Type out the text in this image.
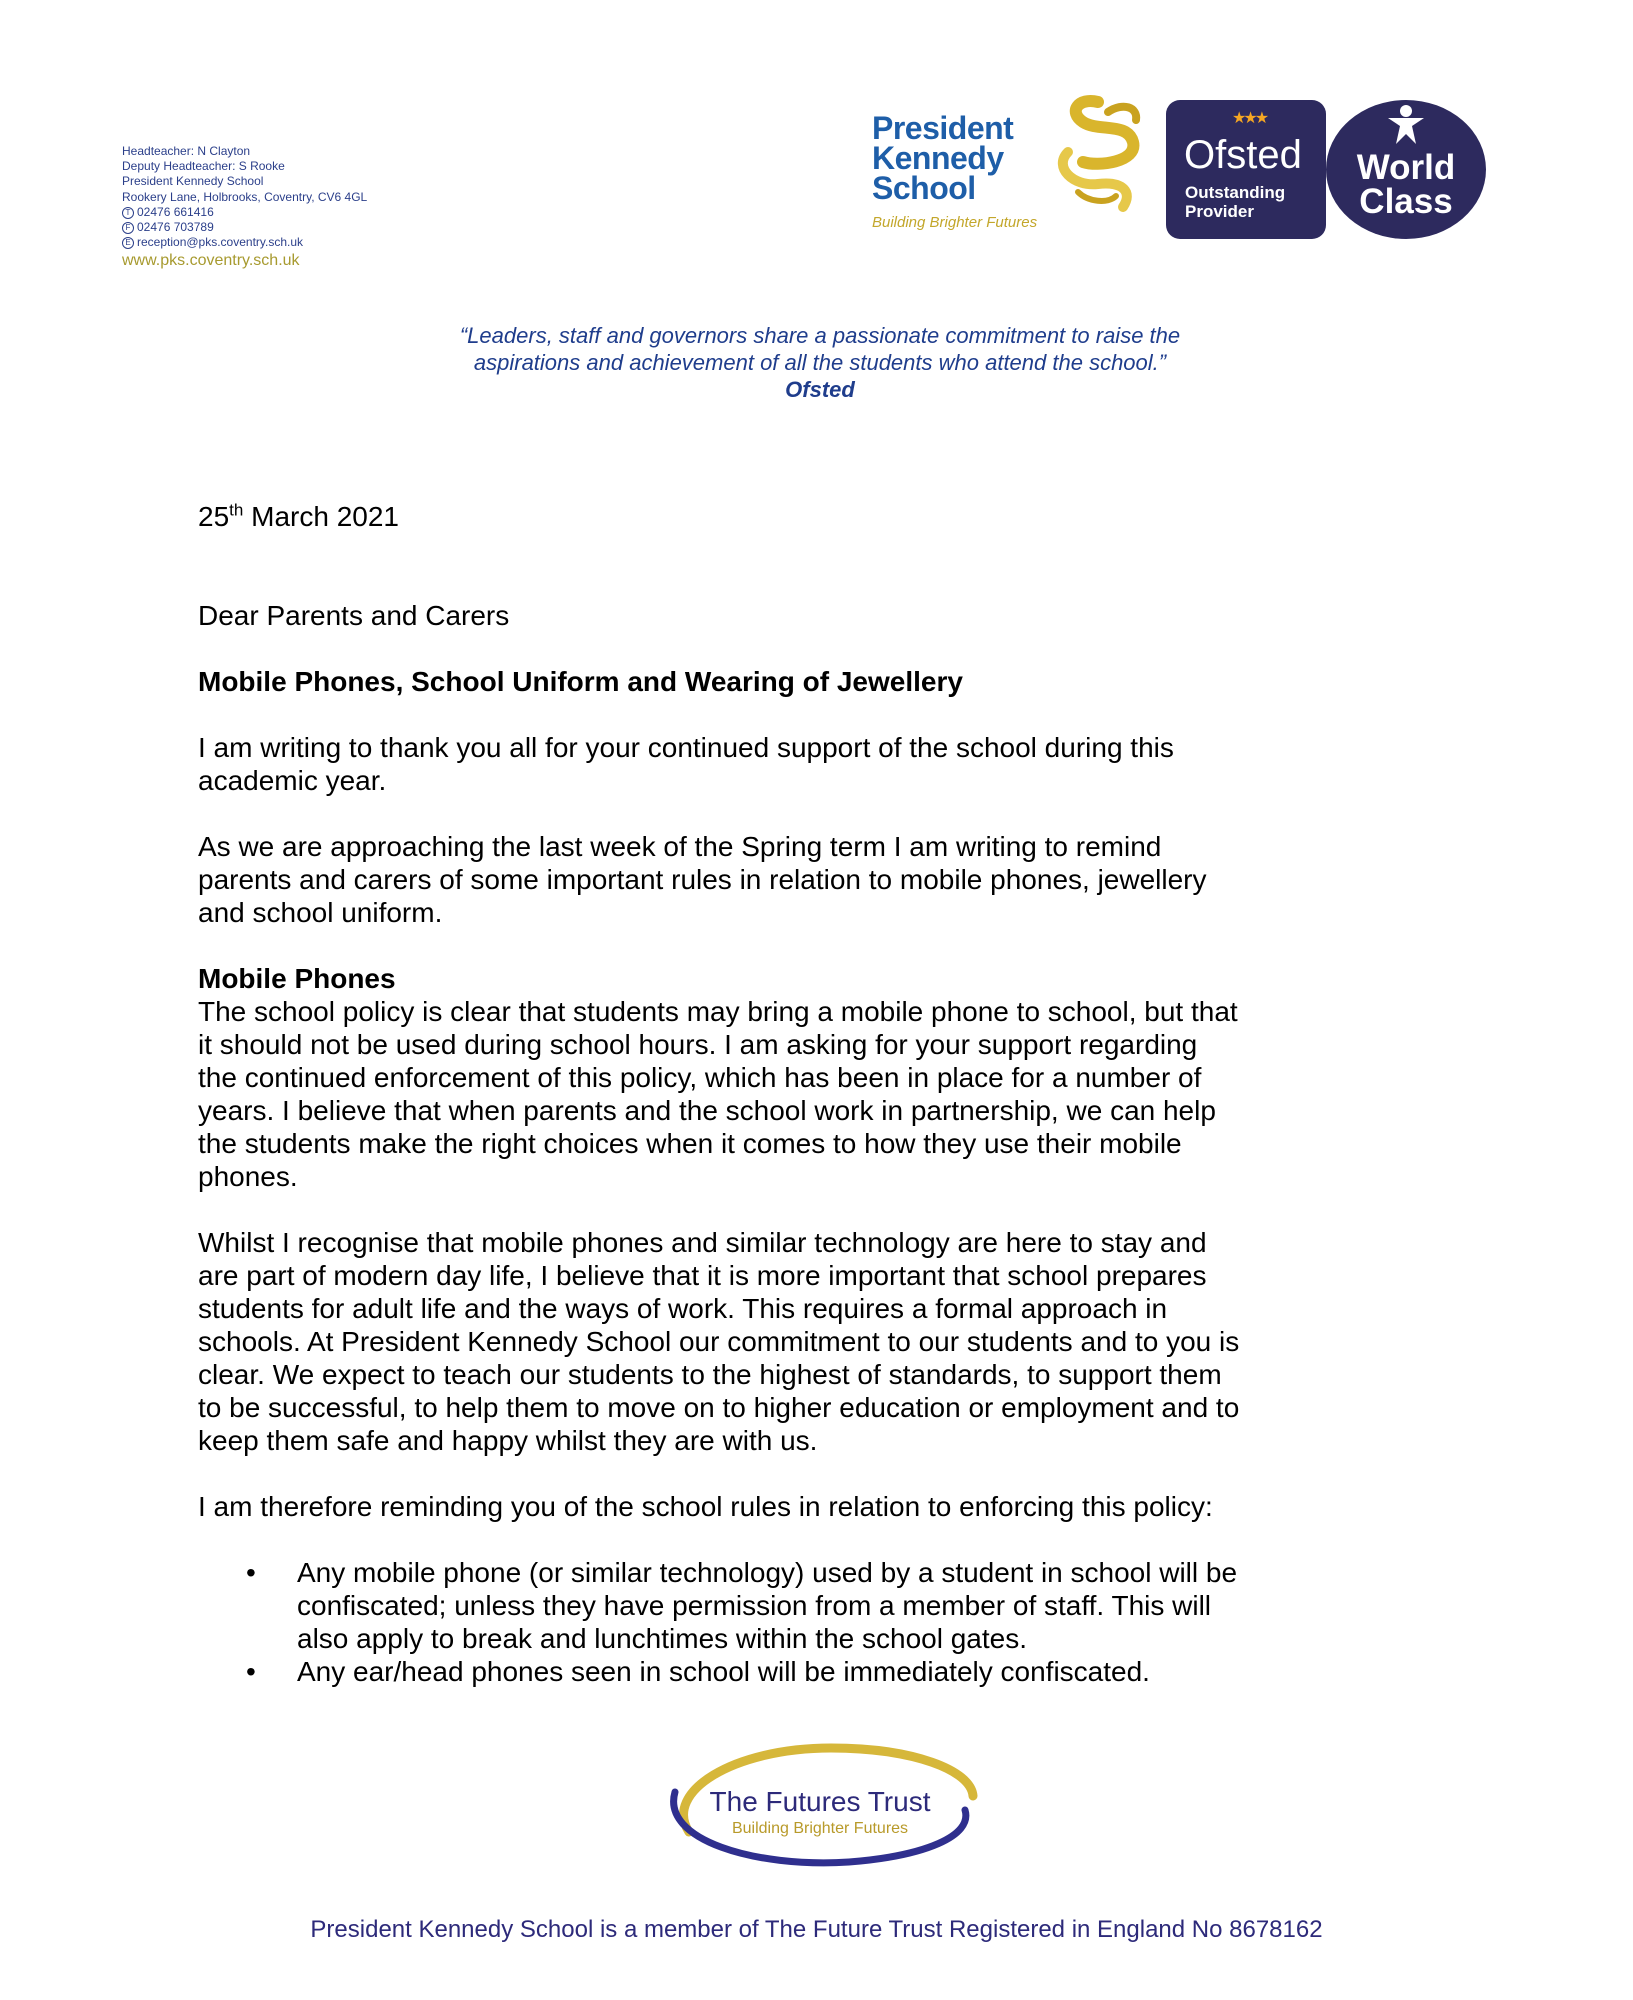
Headteacher: N Clayton
Deputy Headteacher: S Rooke
President Kennedy School
Rookery Lane, Holbrooks, Coventry, CV6 4GL
T 02476 661416
F 02476 703789
E reception@pks.coventry.sch.uk
www.pks.coventry.sch.uk
President
Kennedy
School
Building Brighter Futures
★★★
Ofsted
Outstanding
Provider
World
Class
“Leaders, staff and governors share a passionate commitment to raise the
aspirations and achievement of all the students who attend the school.”
Ofsted

25th March 2021

Dear Parents and Carers

Mobile Phones, School Uniform and Wearing of Jewellery

I am writing to thank you all for your continued support of the school during this
academic year.

As we are approaching the last week of the Spring term I am writing to remind
parents and carers of some important rules in relation to mobile phones, jewellery
and school uniform.

Mobile Phones

The school policy is clear that students may bring a mobile phone to school, but that
it should not be used during school hours. I am asking for your support regarding
the continued enforcement of this policy, which has been in place for a number of
years. I believe that when parents and the school work in partnership, we can help
the students make the right choices when it comes to how they use their mobile
phones.

Whilst I recognise that mobile phones and similar technology are here to stay and
are part of modern day life, I believe that it is more important that school prepares
students for adult life and the ways of work. This requires a formal approach in
schools. At President Kennedy School our commitment to our students and to you is
clear. We expect to teach our students to the highest of standards, to support them
to be successful, to help them to move on to higher education or employment and to
keep them safe and happy whilst they are with us.

I am therefore reminding you of the school rules in relation to enforcing this policy:

• Any mobile phone (or similar technology) used by a student in school will be
confiscated; unless they have permission from a member of staff. This will
also apply to break and lunchtimes within the school gates.
• Any ear/head phones seen in school will be immediately confiscated.
The Futures Trust
Building Brighter Futures
President Kennedy School is a member of The Future Trust Registered in England No 8678162
